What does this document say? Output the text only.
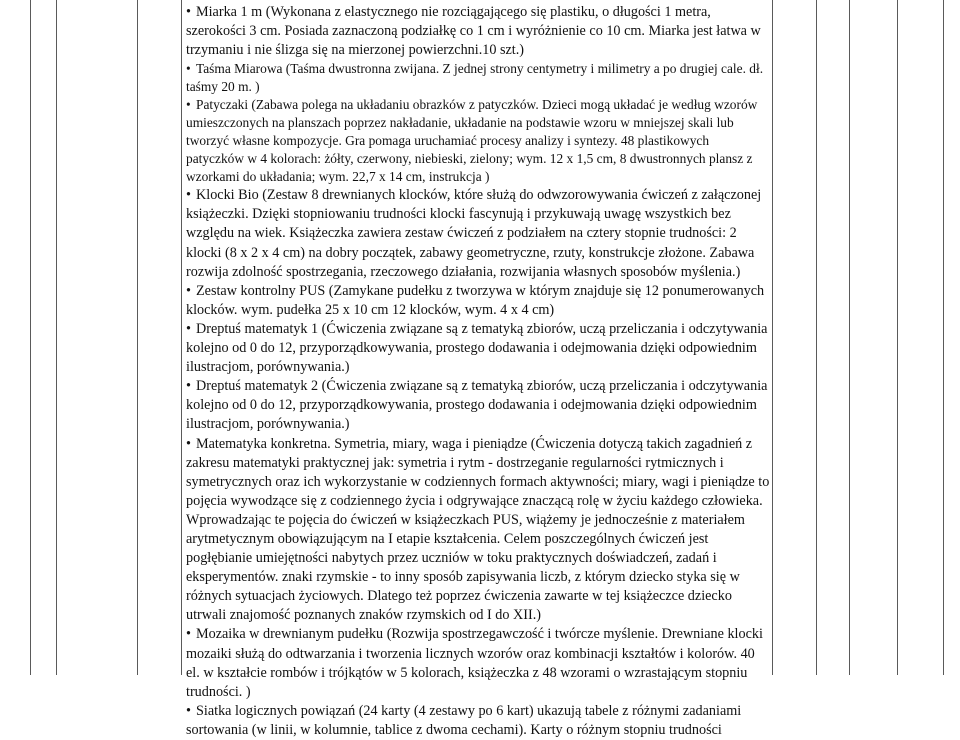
• Miarka 1 m (Wykonana z elastycznego nie rozciągającego się plastiku, o długości 1 metra, szerokości 3 cm. Posiada zaznaczoną podziałkę co 1 cm i wyróżnienie co 10 cm. Miarka jest łatwa w trzymaniu i nie ślizga się na mierzonej powierzchni.10 szt.)

• Taśma Miarowa (Taśma dwustronna zwijana. Z jednej strony centymetry i milimetry a po drugiej cale. dł. taśmy 20 m. )

• Patyczaki (Zabawa polega na układaniu obrazków z patyczków. Dzieci mogą układać je według wzorów umieszczonych na planszach poprzez nakładanie, układanie na podstawie wzoru w mniejszej skali lub tworzyć własne kompozycje. Gra pomaga uruchamiać procesy analizy i syntezy. 48 plastikowych patyczków w 4 kolorach: żółty, czerwony, niebieski, zielony; wym. 12 x 1,5 cm, 8 dwustronnych plansz z wzorkami do układania; wym. 22,7 x 14 cm, instrukcja )

• Klocki Bio (Zestaw 8 drewnianych klocków, które służą do odwzorowywania ćwiczeń z załączonej książeczki. Dzięki stopniowaniu trudności klocki fascynują i przykuwają uwagę wszystkich bez względu na wiek. Książeczka zawiera zestaw ćwiczeń z podziałem na cztery stopnie trudności: 2 klocki (8 x 2 x 4 cm) na dobry początek, zabawy geometryczne, rzuty, konstrukcje złożone. Zabawa rozwija zdolność spostrzegania, rzeczowego działania, rozwijania własnych sposobów myślenia.)

• Zestaw kontrolny PUS (Zamykane pudełku z tworzywa w którym znajduje się 12 ponumerowanych klocków. wym. pudełka 25 x 10 cm 12 klocków, wym. 4 x 4 cm)

• Dreptuś matematyk 1 (Ćwiczenia związane są z tematyką zbiorów, uczą przeliczania i odczytywania kolejno od 0 do 12, przyporządkowywania, prostego dodawania i odejmowania dzięki odpowiednim ilustracjom, porównywania.)

• Dreptuś matematyk 2 (Ćwiczenia związane są z tematyką zbiorów, uczą przeliczania i odczytywania kolejno od 0 do 12, przyporządkowywania, prostego dodawania i odejmowania dzięki odpowiednim ilustracjom, porównywania.)

• Matematyka konkretna. Symetria, miary, waga i pieniądze (Ćwiczenia dotyczą takich zagadnień z zakresu matematyki praktycznej jak: symetria i rytm - dostrzeganie regularności rytmicznych i symetrycznych oraz ich wykorzystanie w codziennych formach aktywności; miary, wagi i pieniądze to pojęcia wywodzące się z codziennego życia i odgrywające znaczącą rolę w życiu każdego człowieka. Wprowadzając te pojęcia do ćwiczeń w książeczkach PUS, wiążemy je jednocześnie z materiałem arytmetycznym obowiązującym na I etapie kształcenia. Celem poszczególnych ćwiczeń jest pogłębianie umiejętności nabytych przez uczniów w toku praktycznych doświadczeń, zadań i eksperymentów. znaki rzymskie - to inny sposób zapisywania liczb, z którym dziecko styka się w różnych sytuacjach życiowych. Dlatego też poprzez ćwiczenia zawarte w tej książeczce dziecko utrwali znajomość poznanych znaków rzymskich od I do XII.)

• Mozaika w drewnianym pudełku (Rozwija spostrzegawczość i twórcze myślenie. Drewniane klocki mozaiki służą do odtwarzania i tworzenia licznych wzorów oraz kombinacji kształtów i kolorów. 40 el. w kształcie rombów i trójkątów w 5 kolorach, książeczka z 48 wzorami o wzrastającym stopniu trudności. )

• Siatka logicznych powiązań (24 karty (4 zestawy po 6 kart) ukazują tabele z różnymi zadaniami sortowania (w linii, w kolumnie, tablice z dwoma cechami). Karty o różnym stopniu trudności
